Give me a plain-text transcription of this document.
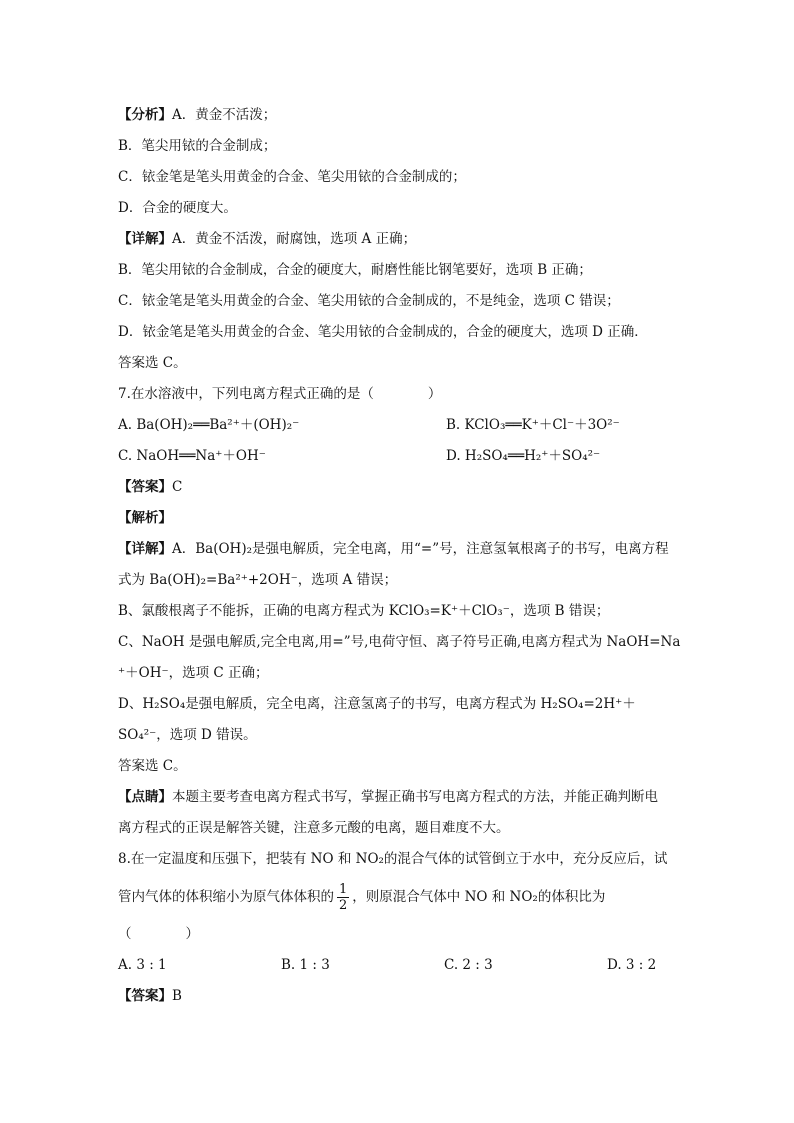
【分析】A．黄金不活泼；
B．笔尖用铱的合金制成；
C．铱金笔是笔头用黄金的合金、笔尖用铱的合金制成的；
D．合金的硬度大。
【详解】A．黄金不活泼，耐腐蚀，选项 A 正确；
B．笔尖用铱的合金制成，合金的硬度大，耐磨性能比钢笔要好，选项 B 正确；
C．铱金笔是笔头用黄金的合金、笔尖用铱的合金制成的，不是纯金，选项 C 错误；
D．铱金笔是笔头用黄金的合金、笔尖用铱的合金制成的，合金的硬度大，选项 D 正确．
答案选 C。
7.在水溶液中，下列电离方程式正确的是（　　　　）
A. Ba(OH)₂══Ba²⁺＋(OH)₂⁻	B. KClO₃══K⁺＋Cl⁻＋3O²⁻
C. NaOH══Na⁺＋OH⁻	D. H₂SO₄══H₂⁺＋SO₄²⁻
【答案】C
【解析】
【详解】A．Ba(OH)₂是强电解质，完全电离，用“=”号，注意氢氧根离子的书写，电离方程
式为 Ba(OH)₂=Ba²⁺+2OH⁻，选项 A 错误；
B、氯酸根离子不能拆，正确的电离方程式为 KClO₃=K⁺＋ClO₃⁻，选项 B 错误；
C、NaOH 是强电解质,完全电离,用=”号,电荷守恒、离子符号正确,电离方程式为 NaOH=Na
⁺＋OH⁻，选项 C 正确；
D、H₂SO₄是强电解质，完全电离，注意氢离子的书写，电离方程式为 H₂SO₄=2H⁺＋
SO₄²⁻，选项 D 错误。
答案选 C。
【点睛】本题主要考查电离方程式书写，掌握正确书写电离方程式的方法，并能正确判断电
离方程式的正误是解答关键，注意多元酸的电离，题目难度不大。
8.在一定温度和压强下，把装有 NO 和 NO₂的混合气体的试管倒立于水中，充分反应后，试
管内气体的体积缩小为原气体体积的 $\frac{1}{2}$ ，则原混合气体中 NO 和 NO₂的体积比为
（　　　　）
A. 3 : 1	B. 1 : 3	C. 2 : 3	D. 3 : 2
【答案】B
